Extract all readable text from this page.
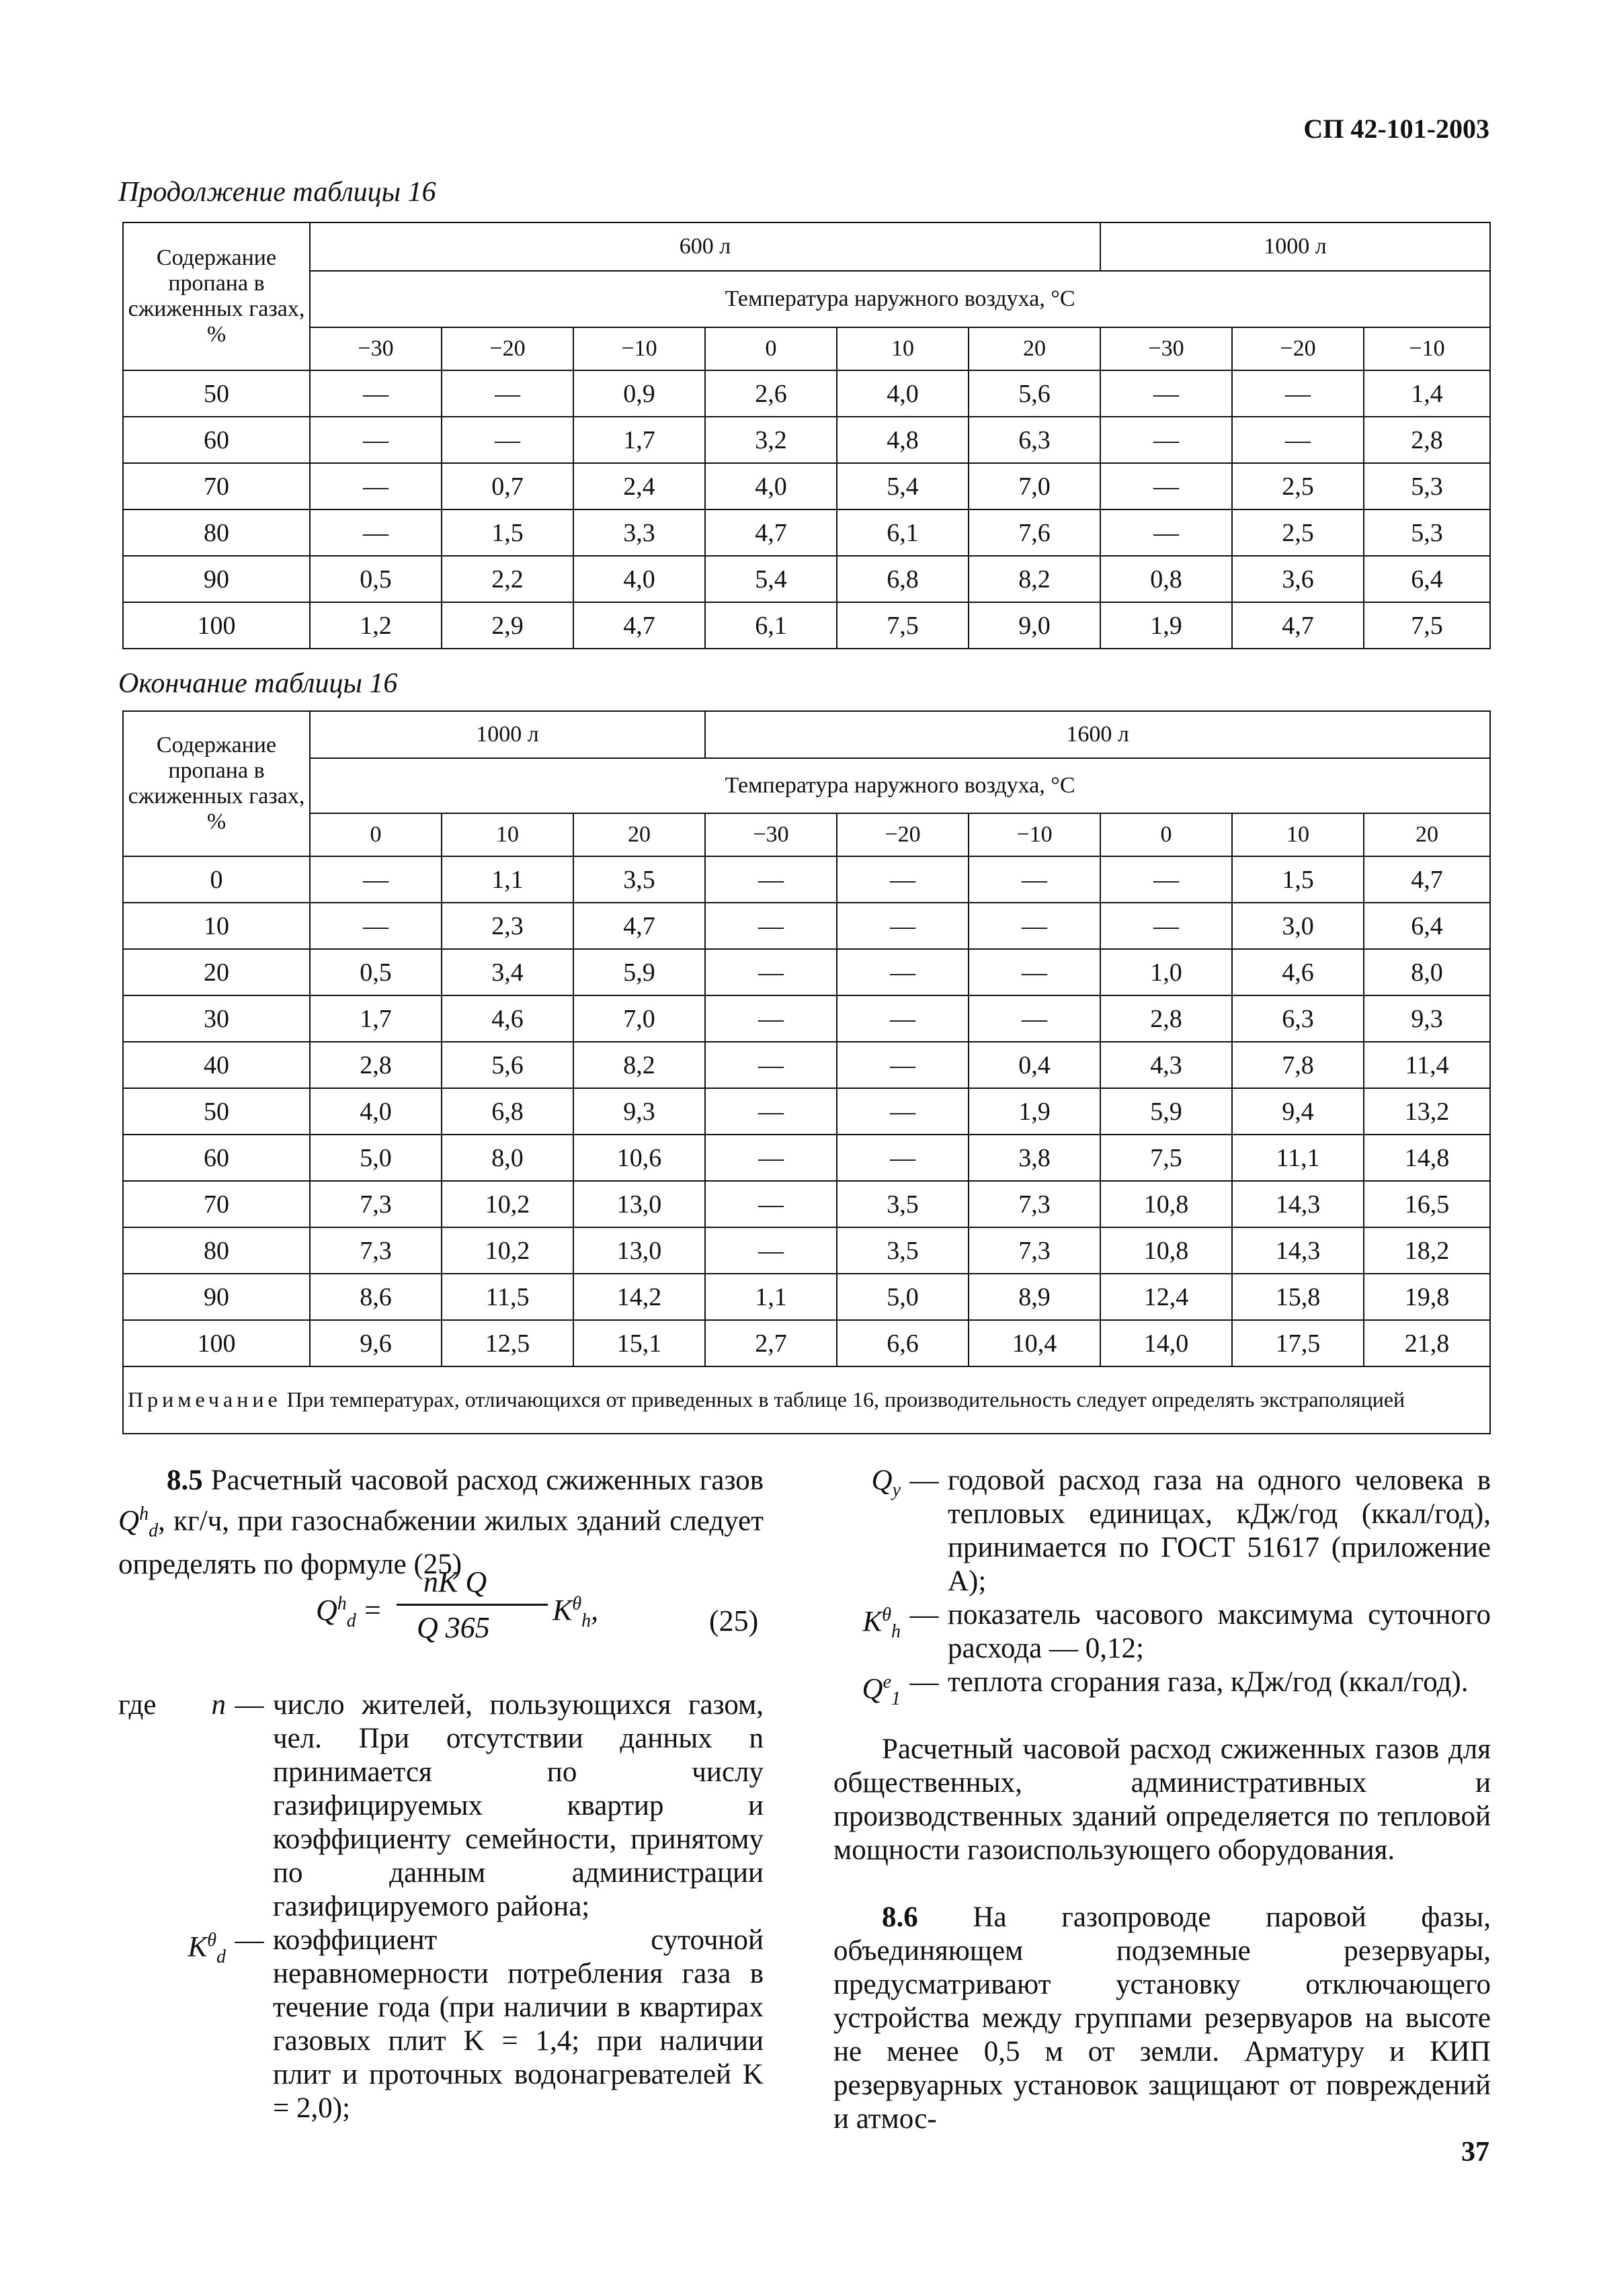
СП 42-101-2003
Продолжение таблицы 16
Содержание пропана в сжиженных газах, %	600 л						1000 л		
	Температура наружного воздуха, °С								
	−30	−20	−10	0	10	20	−30	−20	−10
50	—	—	0,9	2,6	4,0	5,6	—	—	1,4
60	—	—	1,7	3,2	4,8	6,3	—	—	2,8
70	—	0,7	2,4	4,0	5,4	7,0	—	2,5	5,3
80	—	1,5	3,3	4,7	6,1	7,6	—	2,5	5,3
90	0,5	2,2	4,0	5,4	6,8	8,2	0,8	3,6	6,4
100	1,2	2,9	4,7	6,1	7,5	9,0	1,9	4,7	7,5
Окончание таблицы 16
Содержание пропана в сжиженных газах, %	1000 л			1600 л					
	Температура наружного воздуха, °С								
	0	10	20	−30	−20	−10	0	10	20
0	—	1,1	3,5	—	—	—	—	1,5	4,7
10	—	2,3	4,7	—	—	—	—	3,0	6,4
20	0,5	3,4	5,9	—	—	—	1,0	4,6	8,0
30	1,7	4,6	7,0	—	—	—	2,8	6,3	9,3
40	2,8	5,6	8,2	—	—	0,4	4,3	7,8	11,4
50	4,0	6,8	9,3	—	—	1,9	5,9	9,4	13,2
60	5,0	8,0	10,6	—	—	3,8	7,5	11,1	14,8
70	7,3	10,2	13,0	—	3,5	7,3	10,8	14,3	16,5
80	7,3	10,2	13,0	—	3,5	7,3	10,8	14,3	18,2
90	8,6	11,5	14,2	1,1	5,0	8,9	12,4	15,8	19,8
100	9,6	12,5	15,1	2,7	6,6	10,4	14,0	17,5	21,8
Примечание При температурах, отличающихся от приведенных в таблице 16, производительность следует определять экстраполяцией									
8.5 Расчетный часовой расход сжиженных газов $Q^h_d$, кг/ч, при газоснабжении жилых зданий следует определять по формуле (25)
$Q^h_d$ =
nK Q
Q 365
$K^\theta_h$,	(25)
где	n — число жителей, пользующихся газом, чел. При отсутствии данных n принимается по числу газифицируемых квартир и коэффициенту семейности, принятому по данным администрации газифицируемого района;
$K^\theta_d$
— коэффициент суточной неравномерности потребления газа в течение года (при наличии в квартирах газовых плит K = 1,4; при наличии плит и проточных водонагревателей K = 2,0);
$Q_y$ — годовой расход газа на одного человека в тепловых единицах, кДж/год (ккал/год), принимается по ГОСТ 51617 (приложение А);
$K^\theta_h$
— показатель часового максимума суточного расхода — 0,12;
$Q^e_1$
— теплота сгорания газа, кДж/год (ккал/год).
Расчетный часовой расход сжиженных газов для общественных, административных и производственных зданий определяется по тепловой мощности газоиспользующего оборудования.
8.6 На газопроводе паровой фазы, объединяющем подземные резервуары, предусматривают установку отключающего устройства между группами резервуаров на высоте не менее 0,5 м от земли. Арматуру и КИП резервуарных установок защищают от повреждений и атмос-
37
